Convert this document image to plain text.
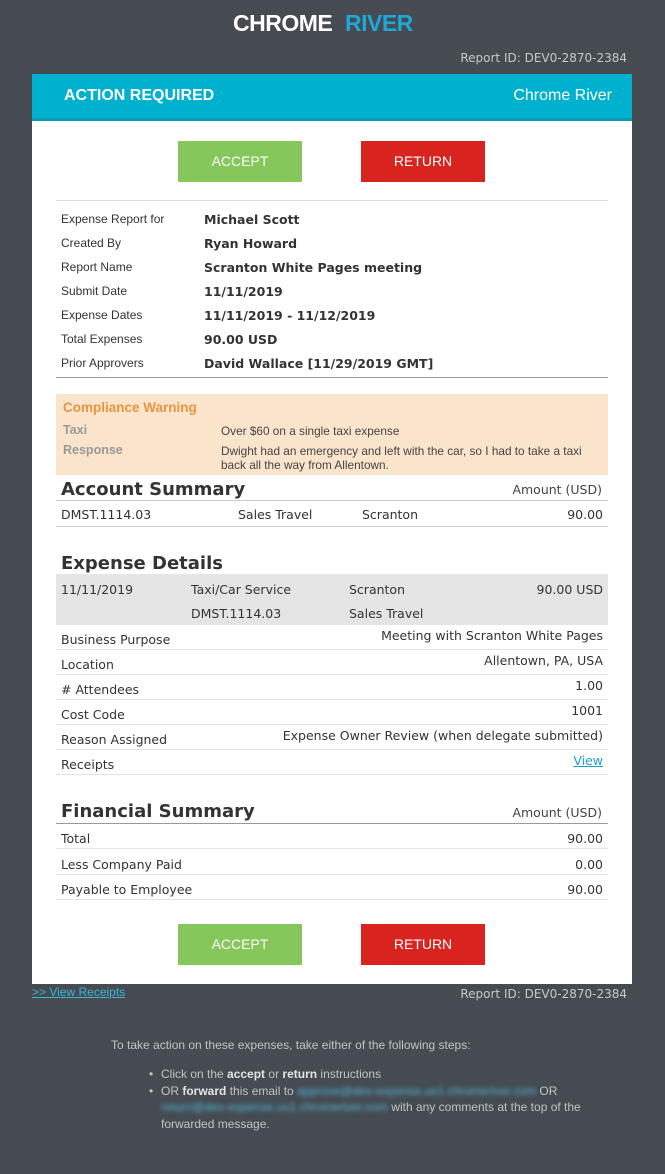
CHROME RIVER
Report ID: DEV0-2870-2384
ACTION REQUIRED	Chrome River
ACCEPT	RETURN
Expense Report for	Michael Scott
Created By	Ryan Howard
Report Name	Scranton White Pages meeting
Submit Date	11/11/2019
Expense Dates	11/11/2019 - 11/12/2019
Total Expenses	90.00 USD
Prior Approvers	David Wallace [11/29/2019 GMT]
Compliance Warning
Taxi	Over $60 on a single taxi expense
Response	Dwight had an emergency and left with the car, so I had to take a taxi back all the way from Allentown.
Account Summary	Amount (USD)
DMST.1114.03	Sales Travel	Scranton	90.00
Expense Details
11/11/2019	Taxi/Car Service	Scranton	90.00 USD
DMST.1114.03	Sales Travel
Business Purpose	Meeting with Scranton White Pages
Location	Allentown, PA, USA
# Attendees	1.00
Cost Code	1001
Reason Assigned	Expense Owner Review (when delegate submitted)
Receipts	View
Financial Summary	Amount (USD)
Total	90.00
Less Company Paid	0.00
Payable to Employee	90.00
ACCEPT	RETURN
>> View Receipts	Report ID: DEV0-2870-2384
To take action on these expenses, take either of the following steps:
• Click on the accept or return instructions
• OR forward this email to approve@dev-expense.us1.chromeriver.com OR return@dev-expense.us1.chromeriver.com with any comments at the top of the forwarded message.
